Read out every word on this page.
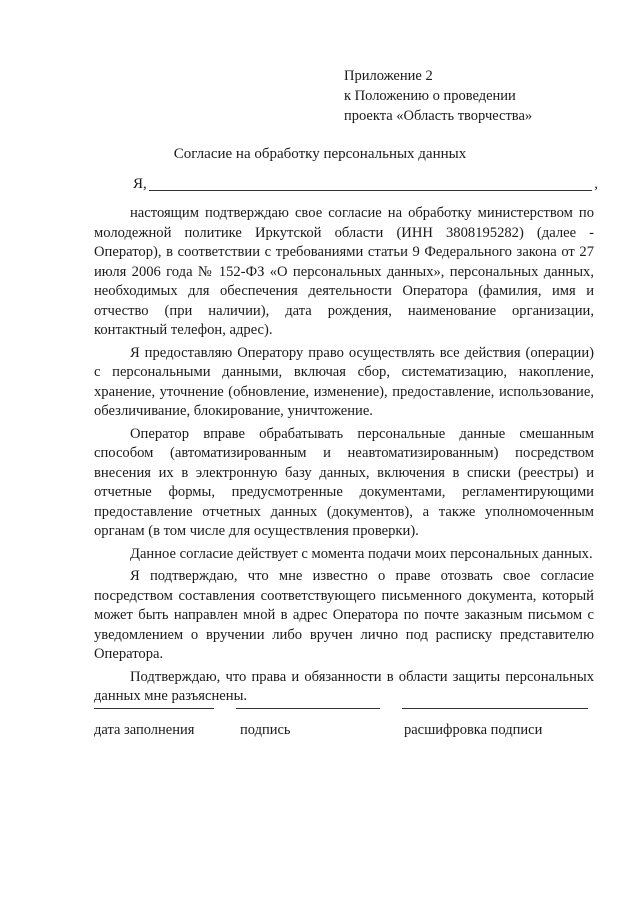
Приложение 2
к Положению о проведении
проекта «Область творчества»
Согласие на обработку персональных данных
Я,	,

настоящим подтверждаю свое согласие на обработку министерством по молодежной политике Иркутской области (ИНН 3808195282) (далее - Оператор), в соответствии с требованиями статьи 9 Федерального закона от 27 июля 2006 года № 152-ФЗ «О персональных данных», персональных данных, необходимых для обеспечения деятельности Оператора (фамилия, имя и отчество (при наличии), дата рождения, наименование организации, контактный телефон, адрес).

Я предоставляю Оператору право осуществлять все действия (операции) с персональными данными, включая сбор, систематизацию, накопление, хранение, уточнение (обновление, изменение), предоставление, использование, обезличивание, блокирование, уничтожение.

Оператор вправе обрабатывать персональные данные смешанным способом (автоматизированным и неавтоматизированным) посредством внесения их в электронную базу данных, включения в списки (реестры) и отчетные формы, предусмотренные документами, регламентирующими предоставление отчетных данных (документов), а также уполномоченным органам (в том числе для осуществления проверки).

Данное согласие действует с момента подачи моих персональных данных.

Я подтверждаю, что мне известно о праве отозвать свое согласие посредством составления соответствующего письменного документа, который может быть направлен мной в адрес Оператора по почте заказным письмом с уведомлением о вручении либо вручен лично под расписку представителю Оператора.

Подтверждаю, что права и обязанности в области защиты персональных данных мне разъяснены.

дата заполнения	подпись	расшифровка подписи
